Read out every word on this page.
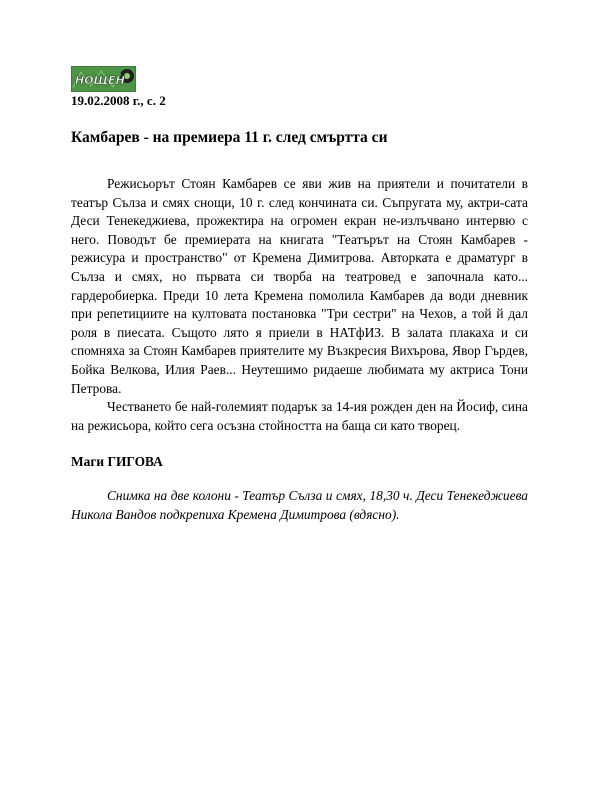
НОЩЕН
19.02.2008 г., с. 2
Камбарев - на премиера 11 г. след смъртта си

Режисьорът Стоян Камбарев се яви жив на приятели и почитатели в театър Сълза и смях снощи, 10 г. след кончината си. Съпругата му, актри-сата Деси Тенекеджиева, прожектира на огромен екран не-излъчвано интервю с него. Поводът бе премиерата на книгата "Театърът на Стоян Камбарев - режисура и пространство" от Кремена Димитрова. Авторката е драматург в Сълза и смях, но първата си творба на театровед е започнала като... гардеробиерка. Преди 10 лета Кремена помолила Камбарев да води дневник при репетициите на култовата постановка "Три сестри" на Чехов, а той й дал роля в пиесата. Същото лято я приели в НАТфИЗ. В залата плакаха и си спомняха за Стоян Камбарев приятелите му Възкресия Вихърова, Явор Гърдев, Бойка Велкова, Илия Раев... Неутешимо ридаеше любимата му актриса Тони Петрова.

Честването бе най-големият подарък за 14-ия рожден ден на Йосиф, сина на режисьора, който сега осъзна стойността на баща си като творец.

Маги ГИГОВА

Снимка на две колони - Театър Сълза и смях, 18,30 ч. Деси Тенекеджиева Никола Вандов подкрепиха Кремена Димитрова (вдясно).
